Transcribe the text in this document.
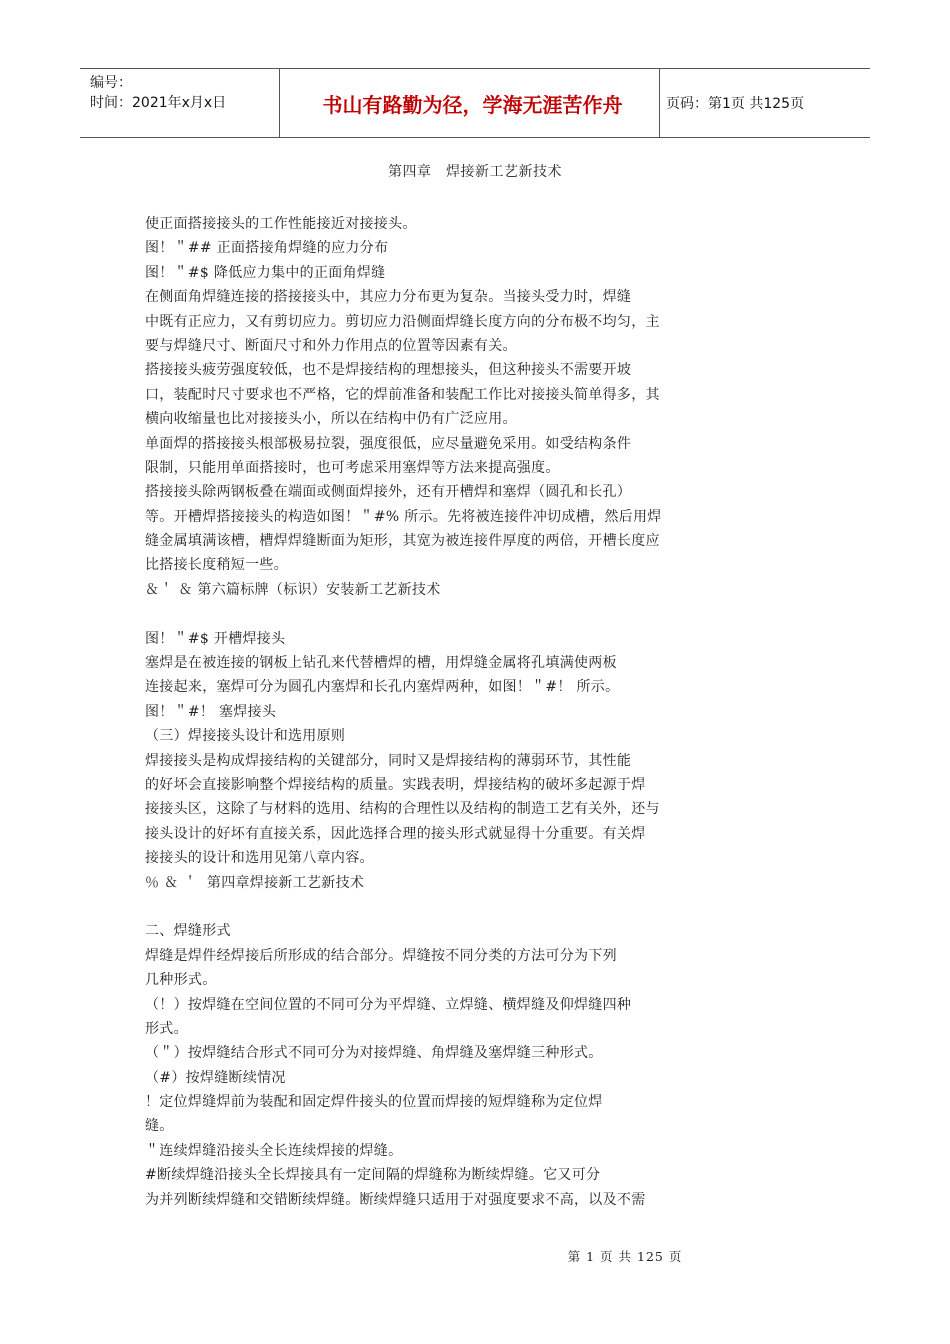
编号：
时间：2021年x月x日	书山有路勤为径，学海无涯苦作舟	页码：第1页 共125页
第四章　焊接新工艺新技术
使正面搭接接头的工作性能接近对接接头。
图！＂## 正面搭接角焊缝的应力分布
图！＂#$ 降低应力集中的正面角焊缝
在侧面角焊缝连接的搭接接头中，其应力分布更为复杂。当接头受力时，焊缝
中既有正应力，又有剪切应力。剪切应力沿侧面焊缝长度方向的分布极不均匀，主
要与焊缝尺寸、断面尺寸和外力作用点的位置等因素有关。
搭接接头疲劳强度较低，也不是焊接结构的理想接头，但这种接头不需要开坡
口，装配时尺寸要求也不严格，它的焊前准备和装配工作比对接接头简单得多，其
横向收缩量也比对接接头小，所以在结构中仍有广泛应用。
单面焊的搭接接头根部极易拉裂，强度很低，应尽量避免采用。如受结构条件
限制，只能用单面搭接时，也可考虑采用塞焊等方法来提高强度。
搭接接头除两钢板叠在端面或侧面焊接外，还有开槽焊和塞焊（圆孔和长孔）
等。开槽焊搭接接头的构造如图！＂#% 所示。先将被连接件冲切成槽，然后用焊
缝金属填满该槽，槽焊焊缝断面为矩形，其宽为被连接件厚度的两倍，开槽长度应
比搭接长度稍短一些。
＆＇ ＆ 第六篇标牌（标识）安装新工艺新技术
图！＂#$ 开槽焊接头
塞焊是在被连接的钢板上钻孔来代替槽焊的槽，用焊缝金属将孔填满使两板
连接起来，塞焊可分为圆孔内塞焊和长孔内塞焊两种，如图！＂#！ 所示。
图！＂#！ 塞焊接头
（三）焊接接头设计和选用原则
焊接接头是构成焊接结构的关键部分，同时又是焊接结构的薄弱环节，其性能
的好坏会直接影响整个焊接结构的质量。实践表明，焊接结构的破坏多起源于焊
接接头区，这除了与材料的选用、结构的合理性以及结构的制造工艺有关外，还与
接头设计的好坏有直接关系，因此选择合理的接头形式就显得十分重要。有关焊
接接头的设计和选用见第八章内容。
％ ＆ ＇  第四章焊接新工艺新技术
二、焊缝形式
焊缝是焊件经焊接后所形成的结合部分。焊缝按不同分类的方法可分为下列
几种形式。
（！）按焊缝在空间位置的不同可分为平焊缝、立焊缝、横焊缝及仰焊缝四种
形式。
（＂）按焊缝结合形式不同可分为对接焊缝、角焊缝及塞焊缝三种形式。
（#）按焊缝断续情况
！定位焊缝焊前为装配和固定焊件接头的位置而焊接的短焊缝称为定位焊
缝。
＂连续焊缝沿接头全长连续焊接的焊缝。
#断续焊缝沿接头全长焊接具有一定间隔的焊缝称为断续焊缝。它又可分
为并列断续焊缝和交错断续焊缝。断续焊缝只适用于对强度要求不高，以及不需
第 1 页 共 125 页
